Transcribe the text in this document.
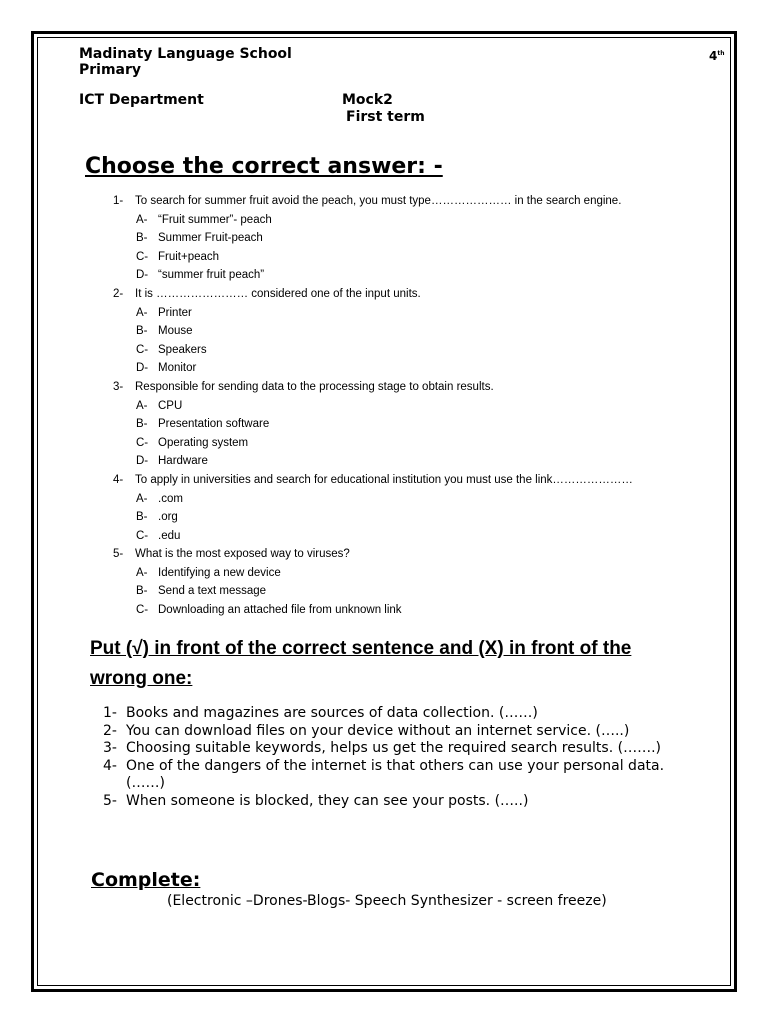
Madinaty Language School
Primary
4th
ICT Department	Mock2
First term
Choose the correct answer: -
1- To search for summer fruit avoid the peach, you must type………………… in the search engine.
A- “Fruit summer”- peach
B- Summer Fruit-peach
C- Fruit+peach
D- “summer fruit peach”
2- It is …………………… considered one of the input units.
A- Printer
B- Mouse
C- Speakers
D- Monitor
3- Responsible for sending data to the processing stage to obtain results.
A- CPU
B- Presentation software
C- Operating system
D- Hardware
4- To apply in universities and search for educational institution you must use the link…………………
A- .com
B- .org
C- .edu
5- What is the most exposed way to viruses?
A- Identifying a new device
B- Send a text message
C- Downloading an attached file from unknown link
Put (√) in front of the correct sentence and (X) in front of the wrong one:
1- Books and magazines are sources of data collection. (……)
2- You can download files on your device without an internet service. (…..)
3- Choosing suitable keywords, helps us get the required search results. (…….)
4- One of the dangers of the internet is that others can use your personal data. (……)
5- When someone is blocked, they can see your posts. (…..)
Complete:
(Electronic –Drones-Blogs- Speech Synthesizer - screen freeze)
